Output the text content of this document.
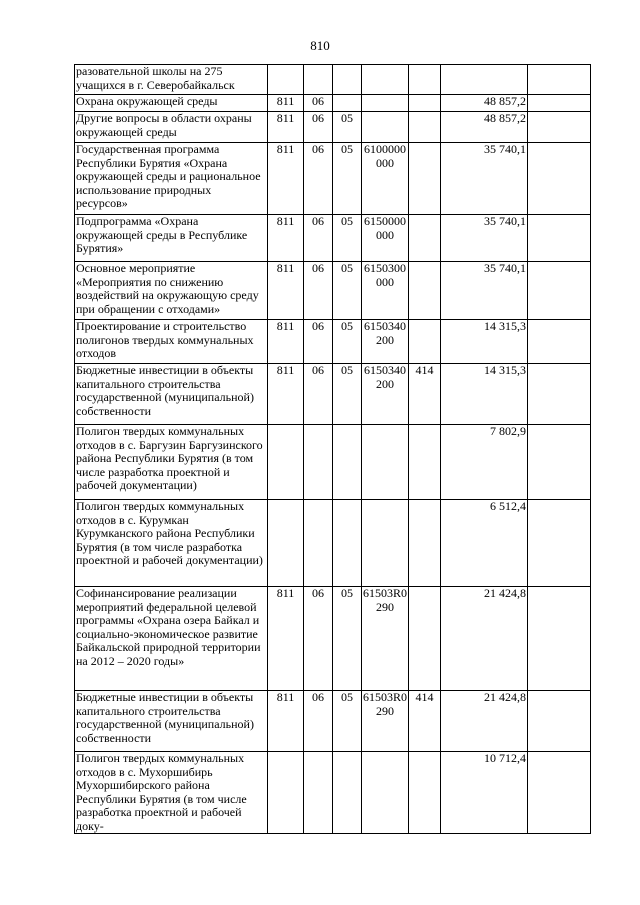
810
разовательной школы на 275 учащихся в г. Северобайкальск							
Охрана окружающей среды	811	06				48 857,2	
Другие вопросы в области охраны окружающей среды	811	06	05			48 857,2	
Государственная программа Республики Бурятия «Охрана окружающей среды и рациональное использование природных ресурсов»	811	06	05	6100000 000		35 740,1	
Подпрограмма «Охрана окружающей среды в Республике Бурятия»	811	06	05	6150000 000		35 740,1	
Основное мероприятие «Мероприятия по снижению воздействий на окружающую среду при обращении с отходами»	811	06	05	6150300 000		35 740,1	
Проектирование и строительство полигонов твердых коммунальных отходов	811	06	05	6150340 200		14 315,3	
Бюджетные инвестиции в объекты капитального строительства государственной (муниципальной) собственности	811	06	05	6150340 200	414	14 315,3	
Полигон твердых коммунальных отходов в с. Баргузин Баргузинского района Республики Бурятия (в том числе разработка проектной и рабочей документации)						7 802,9	
Полигон твердых коммунальных отходов в с. Курумкан Курумканского района Республики Бурятия (в том числе разработка проектной и рабочей документации)						6 512,4	
Софинансирование реализации мероприятий федеральной целевой программы «Охрана озера Байкал и социально-экономическое развитие Байкальской природной территории на 2012 – 2020 годы»	811	06	05	61503R0 290		21 424,8	
Бюджетные инвестиции в объекты капитального строительства государственной (муниципальной) собственности	811	06	05	61503R0 290	414	21 424,8	
Полигон твердых коммунальных отходов в с. Мухоршибирь Мухоршибирского района Республики Бурятия (в том числе разработка проектной и рабочей доку-						10 712,4	
